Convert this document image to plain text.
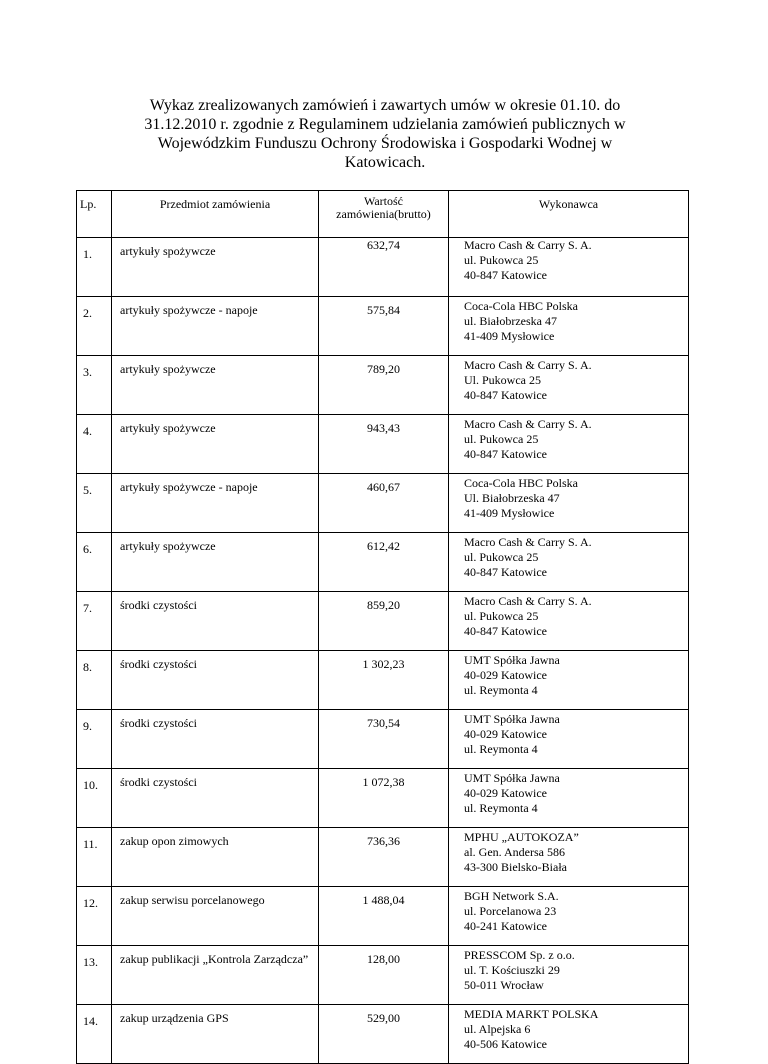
Wykaz zrealizowanych zamówień i zawartych umów w okresie 01.10. do
31.12.2010 r. zgodnie z Regulaminem udzielania zamówień publicznych w
Wojewódzkim Funduszu Ochrony Środowiska i Gospodarki Wodnej w
Katowicach.
Lp.	Przedmiot zamówienia	Wartość
zamówienia(brutto)	Wykonawca
1.	artykuły spożywcze	632,74	Macro Cash & Carry S. A.
ul. Pukowca 25
40-847 Katowice

2.	artykuły spożywcze - napoje	575,84	Coca-Cola HBC Polska
ul. Białobrzeska 47
41-409 Mysłowice

3.	artykuły spożywcze	789,20	Macro Cash & Carry S. A.
Ul. Pukowca 25
40-847 Katowice

4.	artykuły spożywcze	943,43	Macro Cash & Carry S. A.
ul. Pukowca 25
40-847 Katowice

5.	artykuły spożywcze - napoje	460,67	Coca-Cola HBC Polska
Ul. Białobrzeska 47
41-409 Mysłowice

6.	artykuły spożywcze	612,42	Macro Cash & Carry S. A.
ul. Pukowca 25
40-847 Katowice

7.	środki czystości	859,20	Macro Cash & Carry S. A.
ul. Pukowca 25
40-847 Katowice

8.	środki czystości	1 302,23	UMT Spółka Jawna
40-029 Katowice
ul. Reymonta 4

9.	środki czystości	730,54	UMT Spółka Jawna
40-029 Katowice
ul. Reymonta 4

10.	środki czystości	1 072,38	UMT Spółka Jawna
40-029 Katowice
ul. Reymonta 4

11.	zakup opon zimowych	736,36	MPHU „AUTOKOZA”
al. Gen. Andersa 586
43-300 Bielsko-Biała

12.	zakup serwisu porcelanowego	1 488,04	BGH Network S.A.
ul. Porcelanowa 23
40-241 Katowice

13.	zakup publikacji „Kontrola Zarządcza”	128,00	PRESSCOM Sp. z o.o.
ul. T. Kościuszki 29
50-011 Wrocław

14.	zakup urządzenia GPS	529,00	MEDIA MARKT POLSKA
ul. Alpejska 6
40-506 Katowice
